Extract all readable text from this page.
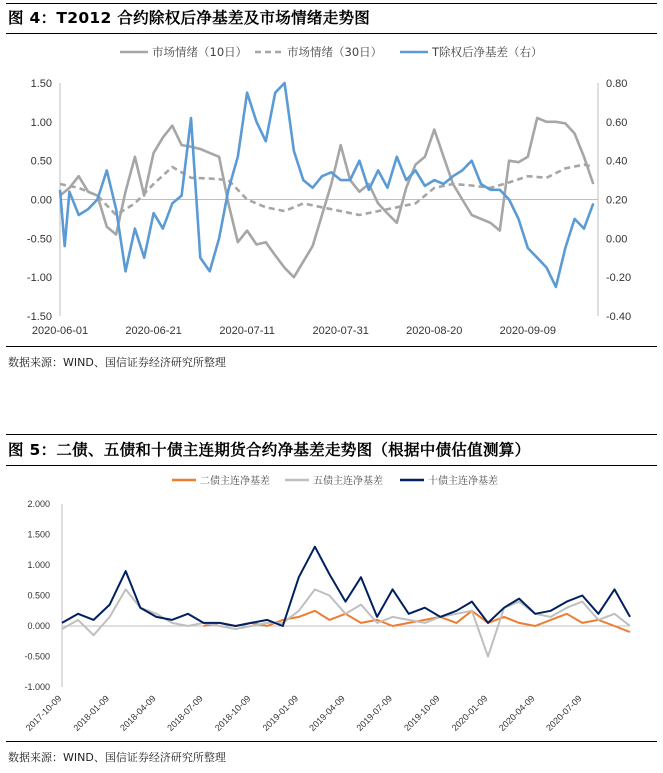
图 4：T2012 合约除权后净基差及市场情绪走势图
1.50
1.00
0.50
0.00
-0.50
-1.00
-1.50
0.80
0.60
0.40
0.20
0.00
-0.20
-0.40
2020-06-01	2020-06-21	2020-07-11	2020-07-31	2020-08-20	2020-09-09
市场情绪（10日）	市场情绪（30日）	T除权后净基差（右）
数据来源：WIND、国信证券经济研究所整理
图 5：二债、五债和十债主连期货合约净基差走势图（根据中债估值测算）
2.000
1.500
1.000
0.500
0.000
-0.500
-1.000
2017-10-09 2018-01-09 2018-04-09 2018-07-09 2018-10-09 2019-01-09 2019-04-09 2019-07-09 2019-10-09 2020-01-09 2020-04-09 2020-07-09
二债主连净基差	五债主连净基差	十债主连净基差
数据来源：WIND、国信证券经济研究所整理
